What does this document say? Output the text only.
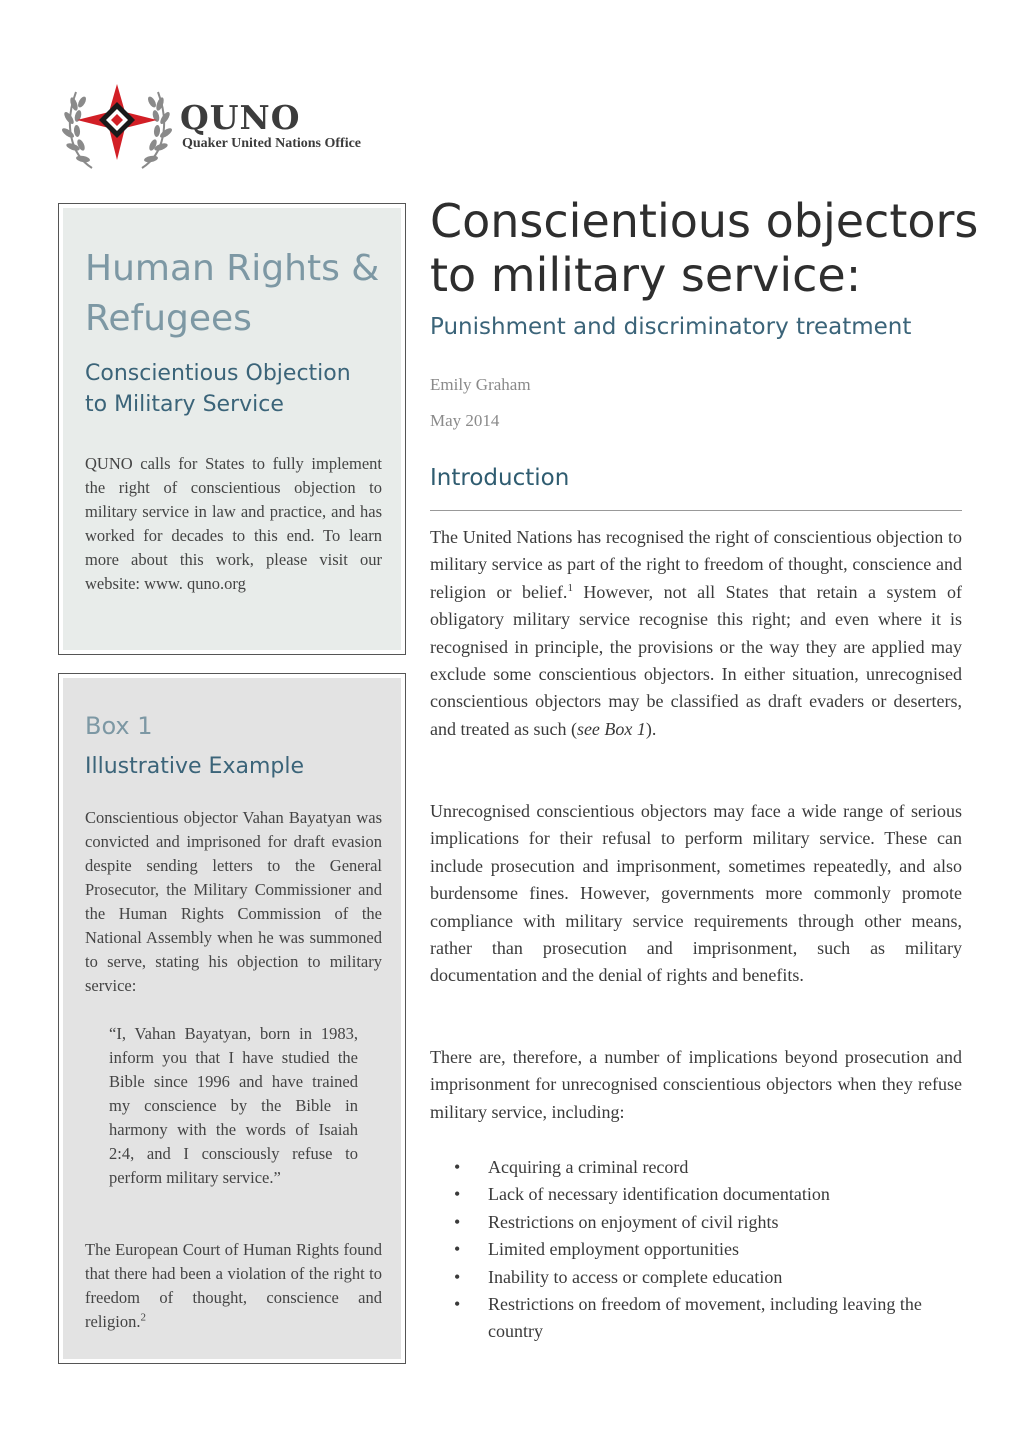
QUNO
Quaker United Nations Office
Human Rights &
Refugees
Conscientious Objection
to Military Service
QUNO calls for States to fully implement the right of conscientious objection to military service in law and practice, and has worked for decades to this end. To learn more about this work, please visit our website: www. quno.org
Box 1
Illustrative Example
Conscientious objector Vahan Bayatyan was convicted and imprisoned for draft evasion despite sending letters to the General Prosecutor, the Military Commissioner and the Human Rights Commission of the National Assembly when he was summoned to serve, stating his objection to military service:
“I, Vahan Bayatyan, born in 1983, inform you that I have studied the Bible since 1996 and have trained my conscience by the Bible in harmony with the words of Isaiah 2:4, and I consciously refuse to perform military service.”
The European Court of Human Rights found that there had been a violation of the right to freedom of thought, conscience and religion.$^2$
Conscientious objectors
to military service:
Punishment and discriminatory treatment
Emily Graham
May 2014
Introduction
The United Nations has recognised the right of conscientious objection to military service as part of the right to freedom of thought, conscience and religion or belief.$^1$ However, not all States that retain a system of obligatory military service recognise this right; and even where it is recognised in principle, the provisions or the way they are applied may exclude some conscientious objectors. In either situation, unrecognised conscientious objectors may be classified as draft evaders or deserters, and treated as such (see Box 1).
Unrecognised conscientious objectors may face a wide range of serious implications for their refusal to perform military service. These can include prosecution and imprisonment, sometimes repeatedly, and also burdensome fines. However, governments more commonly promote compliance with military service requirements through other means, rather than prosecution and imprisonment, such as military documentation and the denial of rights and benefits.
There are, therefore, a number of implications beyond prosecution and imprisonment for unrecognised conscientious objectors when they refuse military service, including:
• Acquiring a criminal record
• Lack of necessary identification documentation
• Restrictions on enjoyment of civil rights
• Limited employment opportunities
• Inability to access or complete education
• Restrictions on freedom of movement, including leaving the country
